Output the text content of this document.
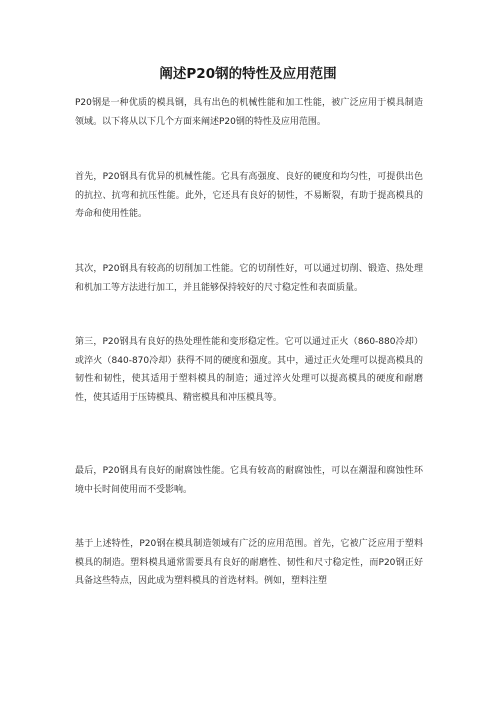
阐述P20钢的特性及应用范围

P20钢是一种优质的模具钢，具有出色的机械性能和加工性能，被广泛应用于模具制造领域。以下将从以下几个方面来阐述P20钢的特性及应用范围。

首先，P20钢具有优异的机械性能。它具有高强度、良好的硬度和均匀性，可提供出色的抗拉、抗弯和抗压性能。此外，它还具有良好的韧性，不易断裂，有助于提高模具的寿命和使用性能。

其次，P20钢具有较高的切削加工性能。它的切削性好，可以通过切削、锻造、热处理和机加工等方法进行加工，并且能够保持较好的尺寸稳定性和表面质量。

第三，P20钢具有良好的热处理性能和变形稳定性。它可以通过正火（860-880冷却）或淬火（840-870冷却）获得不同的硬度和强度。其中，通过正火处理可以提高模具的韧性和韧性，使其适用于塑料模具的制造；通过淬火处理可以提高模具的硬度和耐磨性，使其适用于压铸模具、精密模具和冲压模具等。

最后，P20钢具有良好的耐腐蚀性能。它具有较高的耐腐蚀性，可以在潮湿和腐蚀性环境中长时间使用而不受影响。

基于上述特性，P20钢在模具制造领域有广泛的应用范围。首先，它被广泛应用于塑料模具的制造。塑料模具通常需要具有良好的耐磨性、韧性和尺寸稳定性，而P20钢正好具备这些特点，因此成为塑料模具的首选材料。例如，塑料注塑
